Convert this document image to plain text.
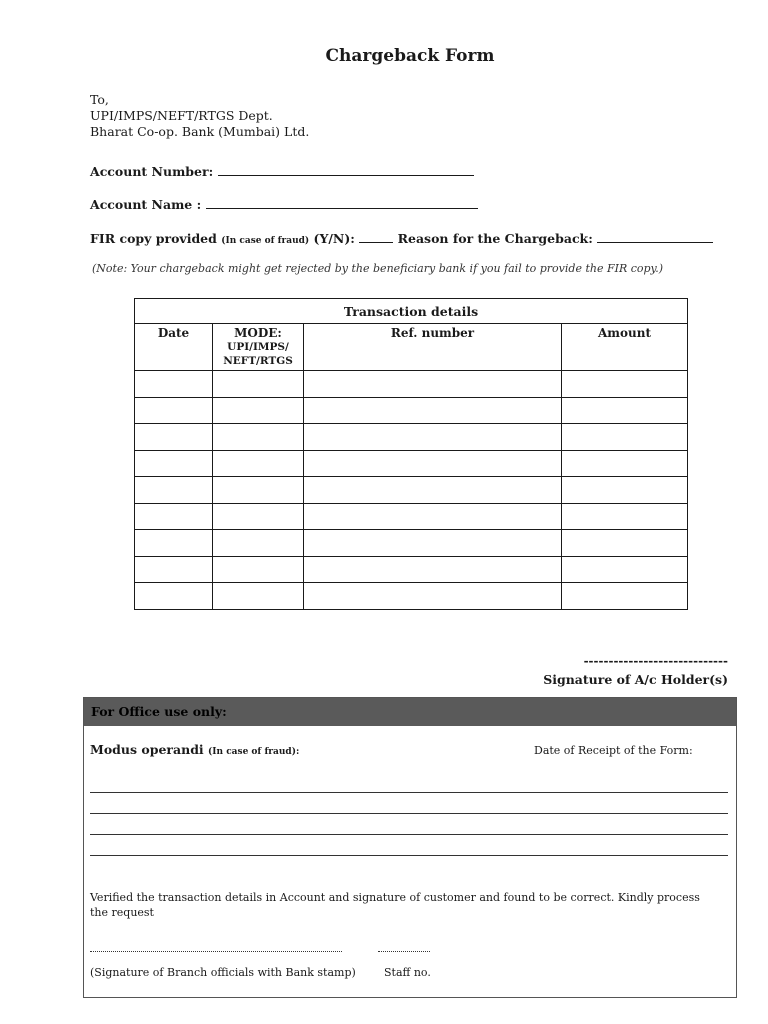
Chargeback Form
To,
UPI/IMPS/NEFT/RTGS Dept.
Bharat Co-op. Bank (Mumbai) Ltd.
Account Number:
Account Name :
FIR copy provided (In case of fraud) (Y/N):	Reason for the Chargeback:
(Note: Your chargeback might get rejected by the beneficiary bank if you fail to provide the FIR copy.)
Transaction details			
Date	MODE:
UPI/IMPS/
NEFT/RTGS	Ref. number	Amount

-----------------------------
Signature of A/c Holder(s)
For Office use only:
Modus operandi (In case of fraud):	Date of Receipt of the Form:
Verified the transaction details in Account and signature of customer and found to be correct. Kindly process the request
(Signature of Branch officials with Bank stamp)	Staff no.
